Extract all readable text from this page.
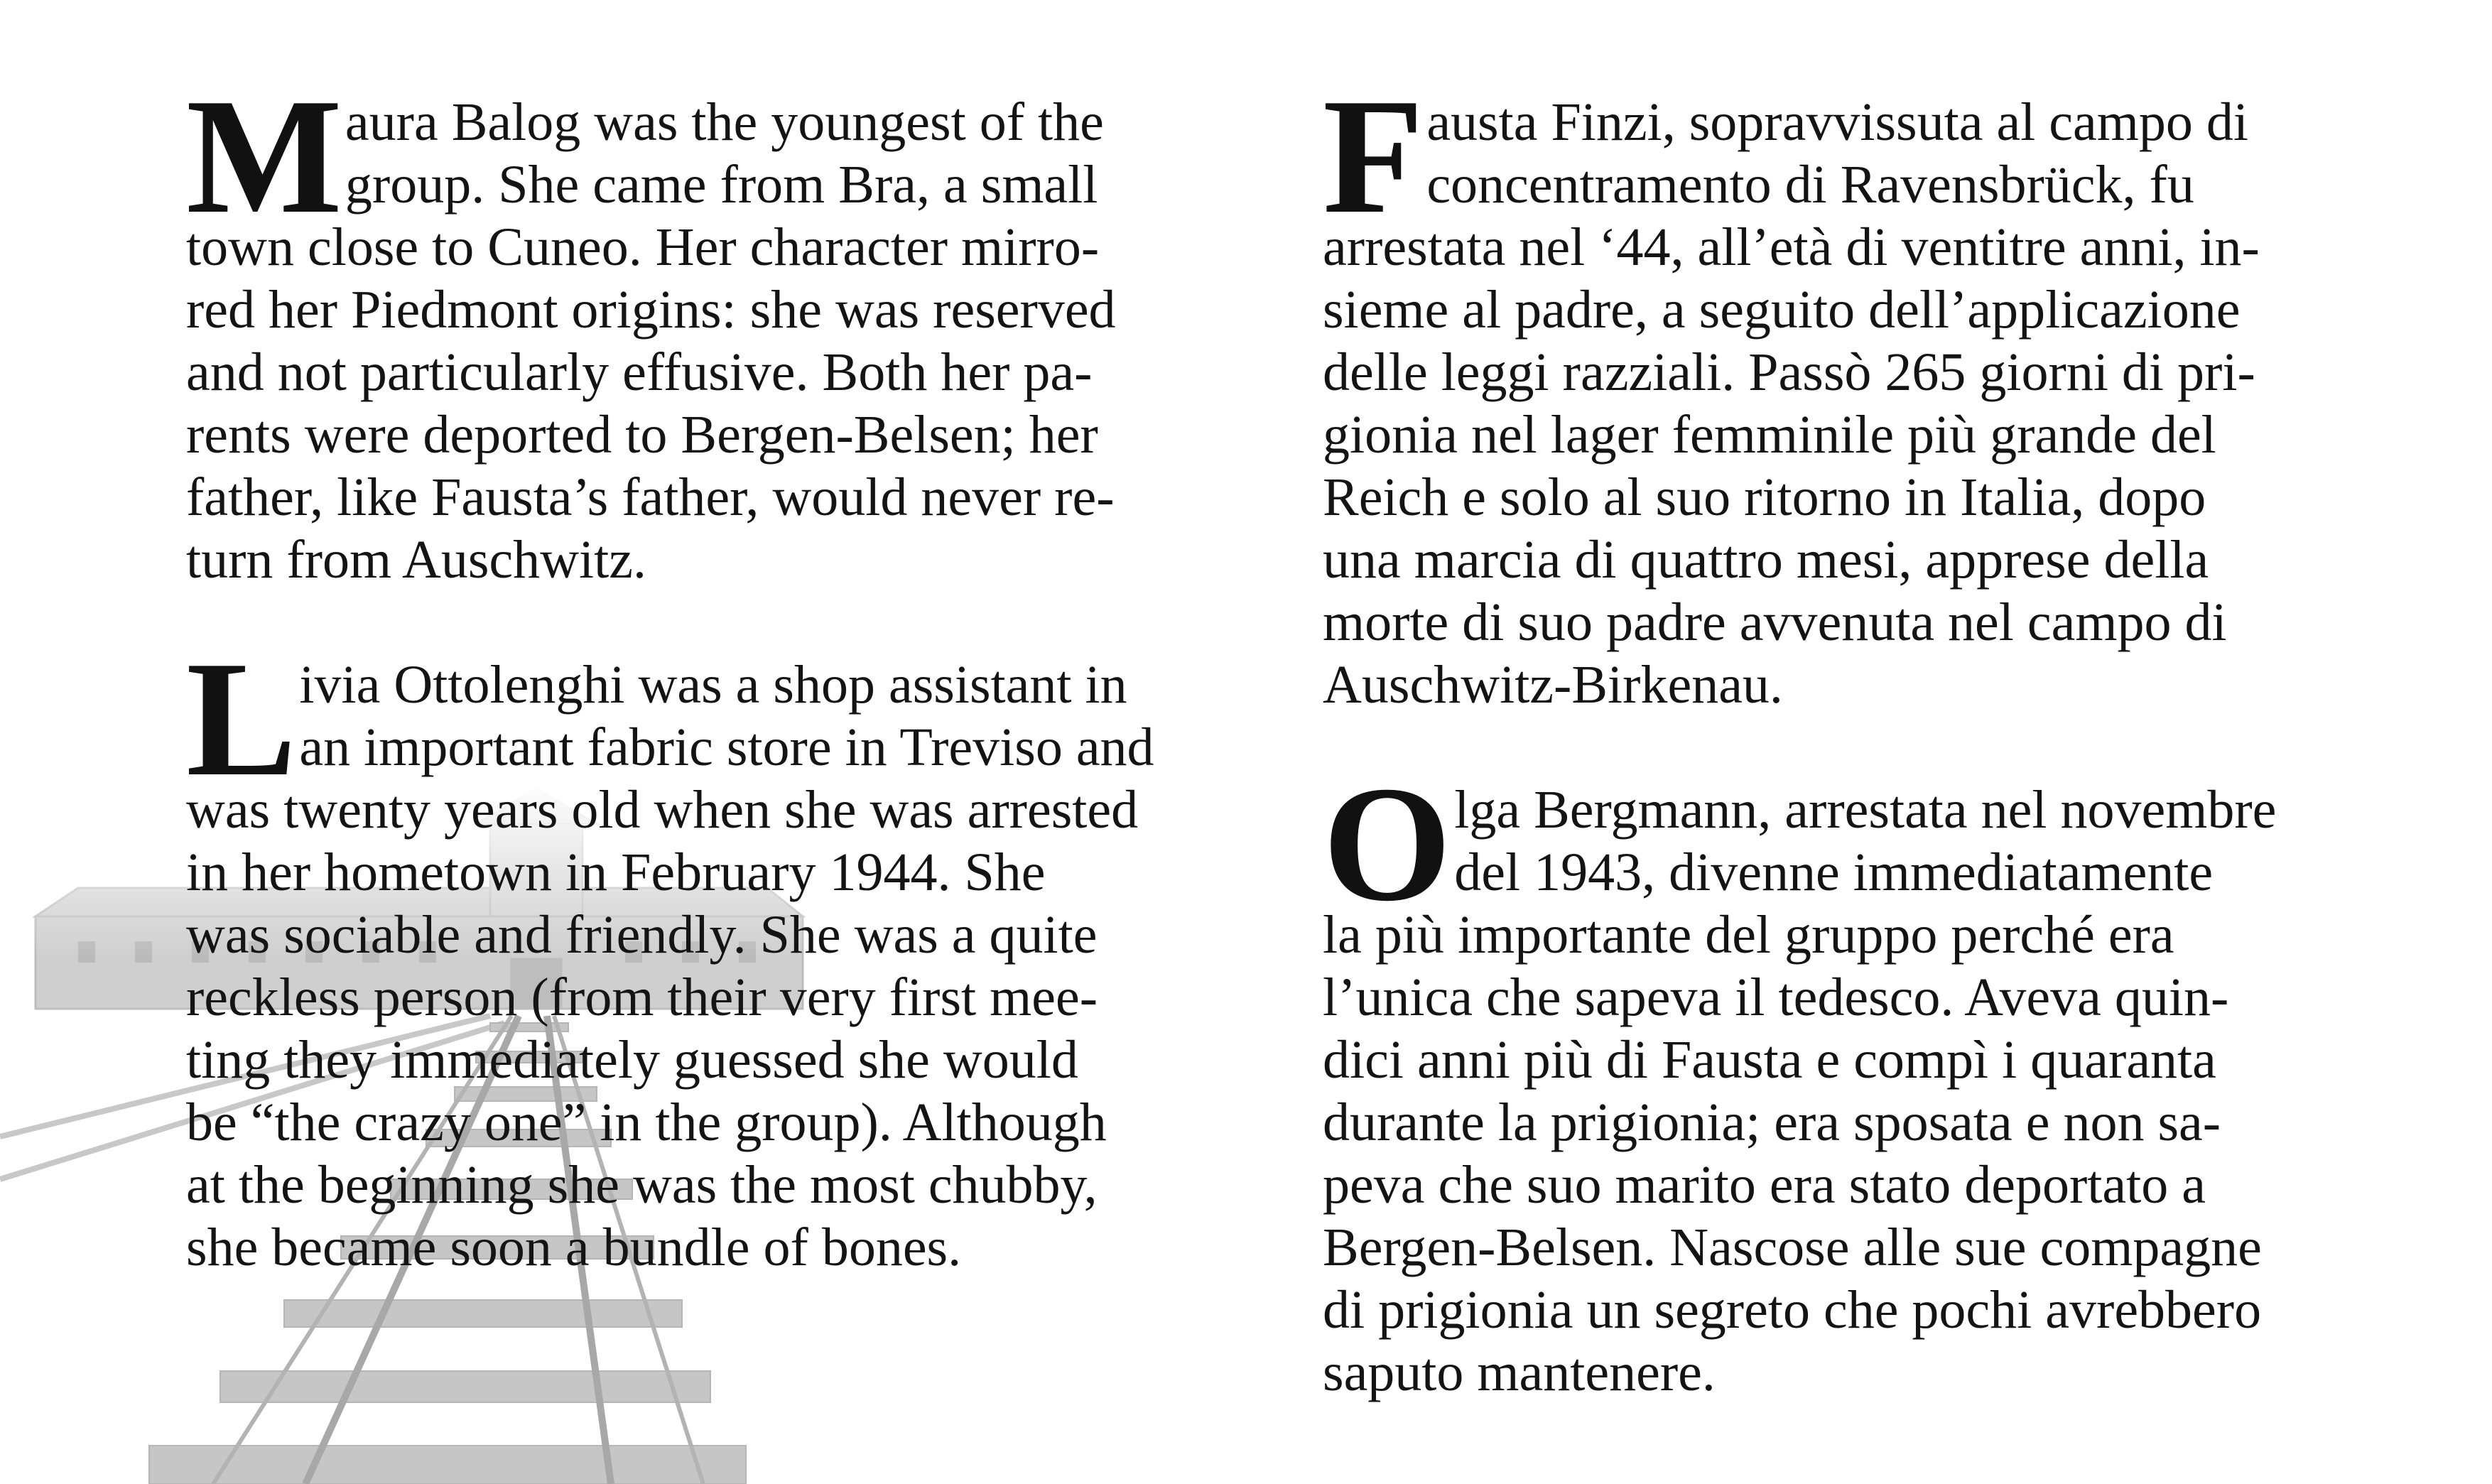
M aura Balog was the youngest of the
group. She came from Bra, a small
town close to Cuneo. Her character mirro-
red her Piedmont origins: she was reserved
and not particularly effusive. Both her pa-
rents were deported to Bergen-Belsen; her
father, like Fausta’s father, would never re-
turn from Auschwitz.

L ivia Ottolenghi was a shop assistant in
an important fabric store in Treviso and
was twenty years old when she was arrested
in her hometown in February 1944. She
was sociable and friendly. She was a quite
reckless person (from their very first mee-
ting they immediately guessed she would
be “the crazy one” in the group). Although
at the beginning she was the most chubby,
she became soon a bundle of bones.

F austa Finzi, sopravvissuta al campo di
concentramento di Ravensbrück, fu
arrestata nel ‘44, all’età di ventitre anni, in-
sieme al padre, a seguito dell’applicazione
delle leggi razziali. Passò 265 giorni di pri-
gionia nel lager femminile più grande del
Reich e solo al suo ritorno in Italia, dopo
una marcia di quattro mesi, apprese della
morte di suo padre avvenuta nel campo di
Auschwitz-Birkenau.

O lga Bergmann, arrestata nel novembre
del 1943, divenne immediatamente
la più importante del gruppo perché era
l’unica che sapeva il tedesco. Aveva quin-
dici anni più di Fausta e compì i quaranta
durante la prigionia; era sposata e non sa-
peva che suo marito era stato deportato a
Bergen-Belsen. Nascose alle sue compagne
di prigionia un segreto che pochi avrebbero
saputo mantenere.
